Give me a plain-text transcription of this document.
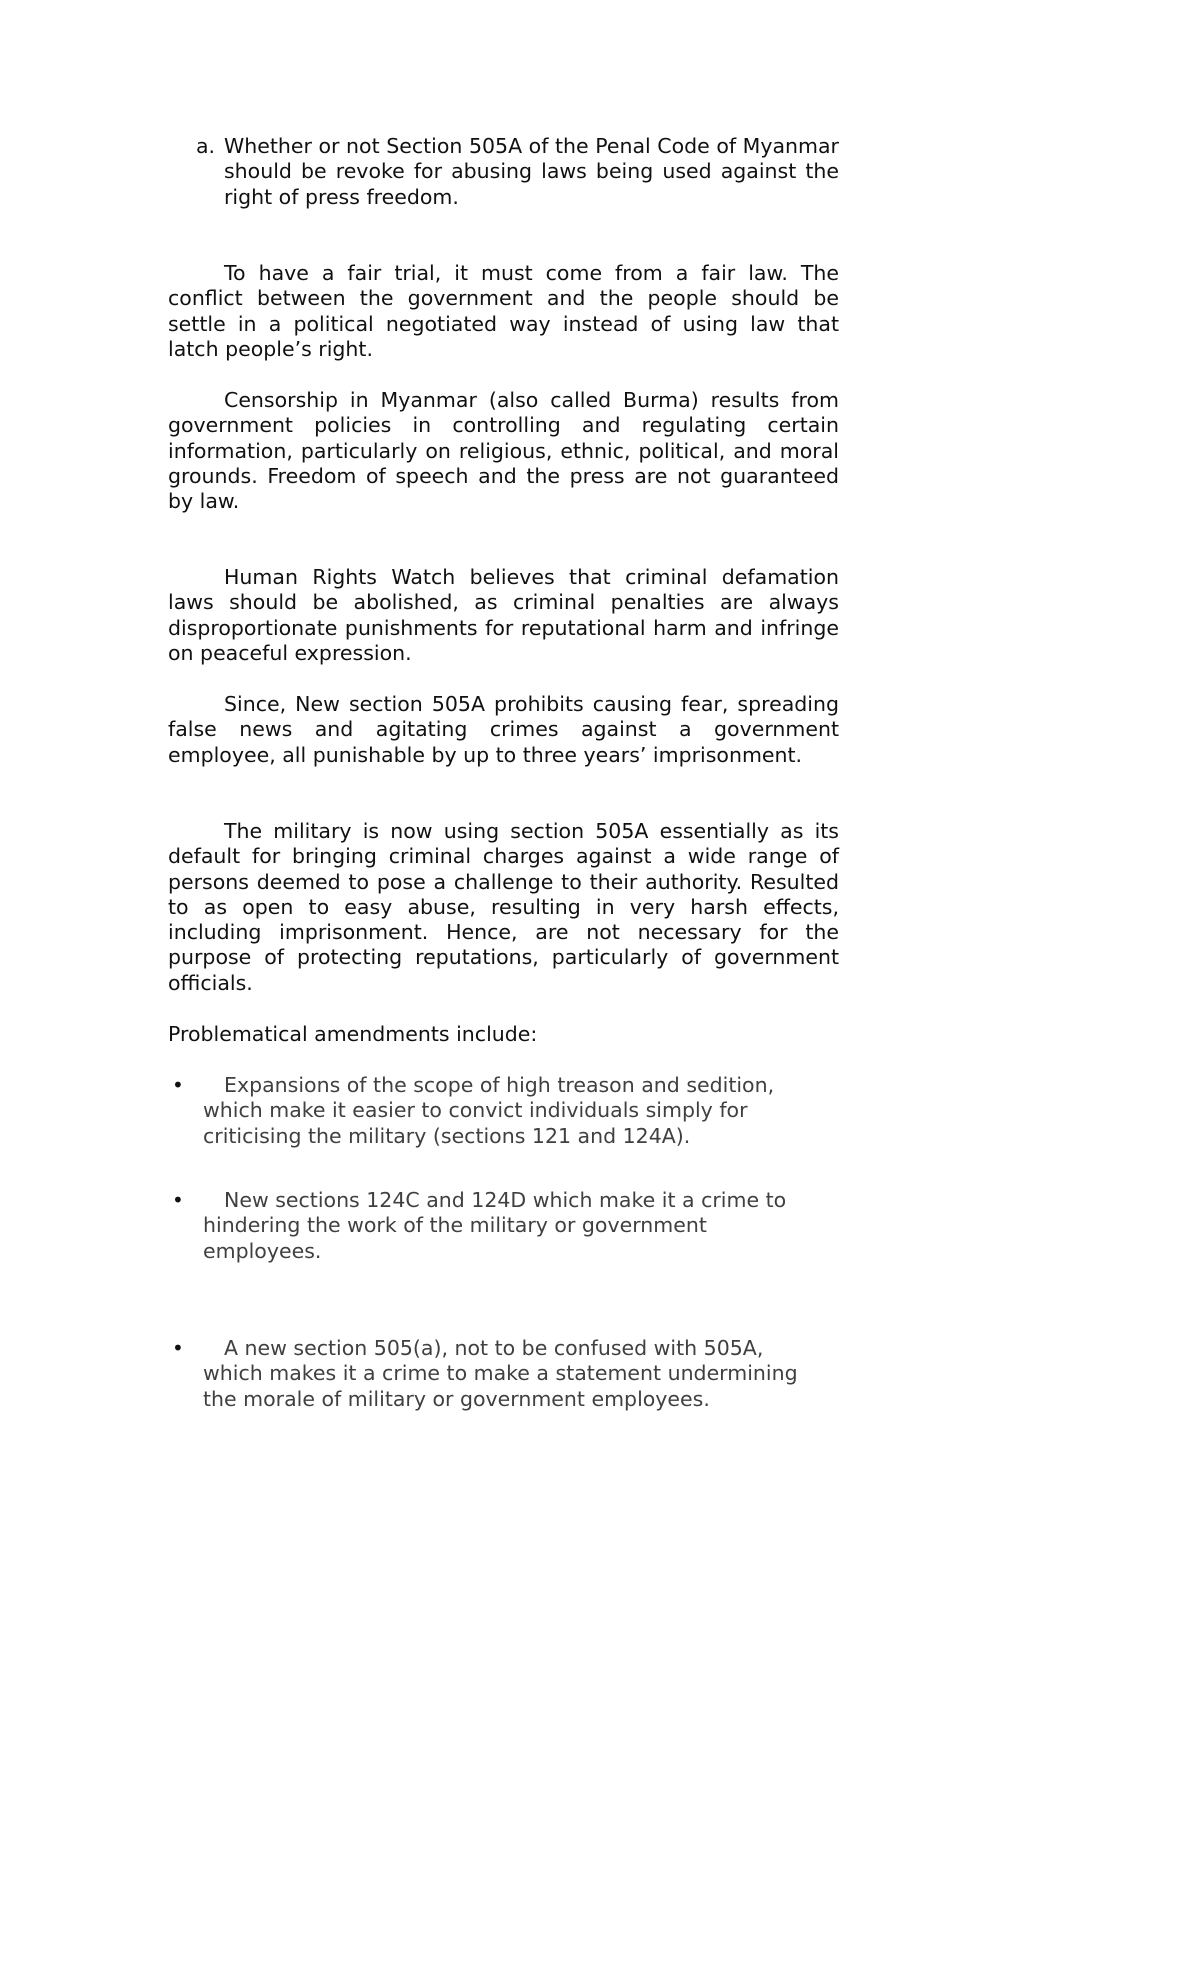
a. Whether or not Section 505A of the Penal Code of Myanmar should be revoke for abusing laws being used against the right of press freedom.

To have a fair trial, it must come from a fair law. The conflict between the government and the people should be settle in a political negotiated way instead of using law that latch people’s right.

Censorship in Myanmar (also called Burma) results from government policies in controlling and regulating certain information, particularly on religious, ethnic, political, and moral grounds. Freedom of speech and the press are not guaranteed by law.

Human Rights Watch believes that criminal defamation laws should be abolished, as criminal penalties are always disproportionate punishments for reputational harm and infringe on peaceful expression.

Since, New section 505A prohibits causing fear, spreading false news and agitating crimes against a government employee, all punishable by up to three years’ imprisonment.

The military is now using section 505A essentially as its default for bringing criminal charges against a wide range of persons deemed to pose a challenge to their authority. Resulted to as open to easy abuse, resulting in very harsh effects, including imprisonment. Hence, are not necessary for the purpose of protecting reputations, particularly of government officials.

Problematical amendments include:

•	Expansions of the scope of high treason and sedition,
which make it easier to convict individuals simply for
criticising the military (sections 121 and 124A).
•	New sections 124C and 124D which make it a crime to
hindering the work of the military or government
employees.
•	A new section 505(a), not to be confused with 505A,
which makes it a crime to make a statement undermining
the morale of military or government employees.
